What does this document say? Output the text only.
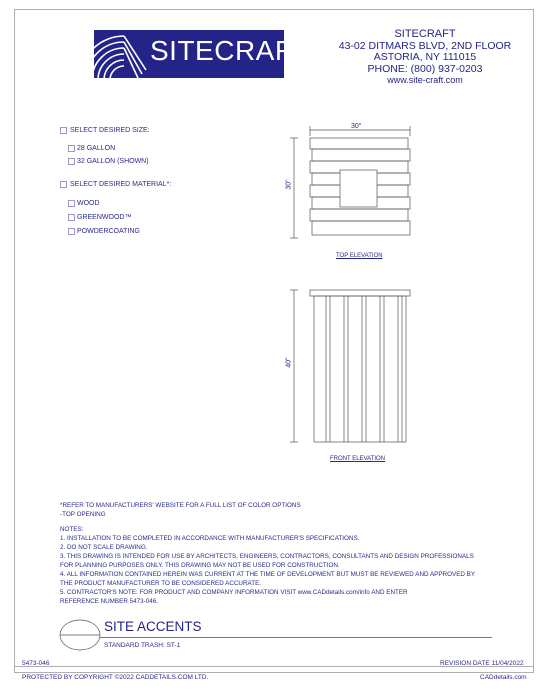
SITECRAFT
SITECRAFT
43-02 DITMARS BLVD, 2ND FLOOR
ASTORIA, NY 111015
PHONE: (800) 937-0203
www.site-craft.com
SELECT DESIRED SIZE:
28 GALLON
32 GALLON (SHOWN)
SELECT DESIRED MATERIAL*:
WOOD
GREENWOOD™
POWDERCOATING
30"
30"
TOP ELEVATION
40"
FRONT ELEVATION
*REFER TO MANUFACTURERS' WEBSITE FOR A FULL LIST OF COLOR OPTIONS
-TOP OPENING
NOTES:
1. INSTALLATION TO BE COMPLETED IN ACCORDANCE WITH MANUFACTURER'S SPECIFICATIONS.
2. DO NOT SCALE DRAWING.
3. THIS DRAWING IS INTENDED FOR USE BY ARCHITECTS, ENGINEERS, CONTRACTORS, CONSULTANTS AND DESIGN PROFESSIONALS
FOR PLANNING PURPOSES ONLY. THIS DRAWING MAY NOT BE USED FOR CONSTRUCTION.
4. ALL INFORMATION CONTAINED HEREIN WAS CURRENT AT THE TIME OF DEVELOPMENT BUT MUST BE REVIEWED AND APPROVED BY
THE PRODUCT MANUFACTURER TO BE CONSIDERED ACCURATE.
5. CONTRACTOR'S NOTE: FOR PRODUCT AND COMPANY INFORMATION VISIT www.CADdetails.com/info AND ENTER
REFERENCE NUMBER 5473-046.
SITE ACCENTS
STANDARD TRASH: ST-1
5473-046	REVISION DATE 11/04/2022
PROTECTED BY COPYRIGHT ©2022 CADDETAILS.COM LTD.	CADdetails.com
